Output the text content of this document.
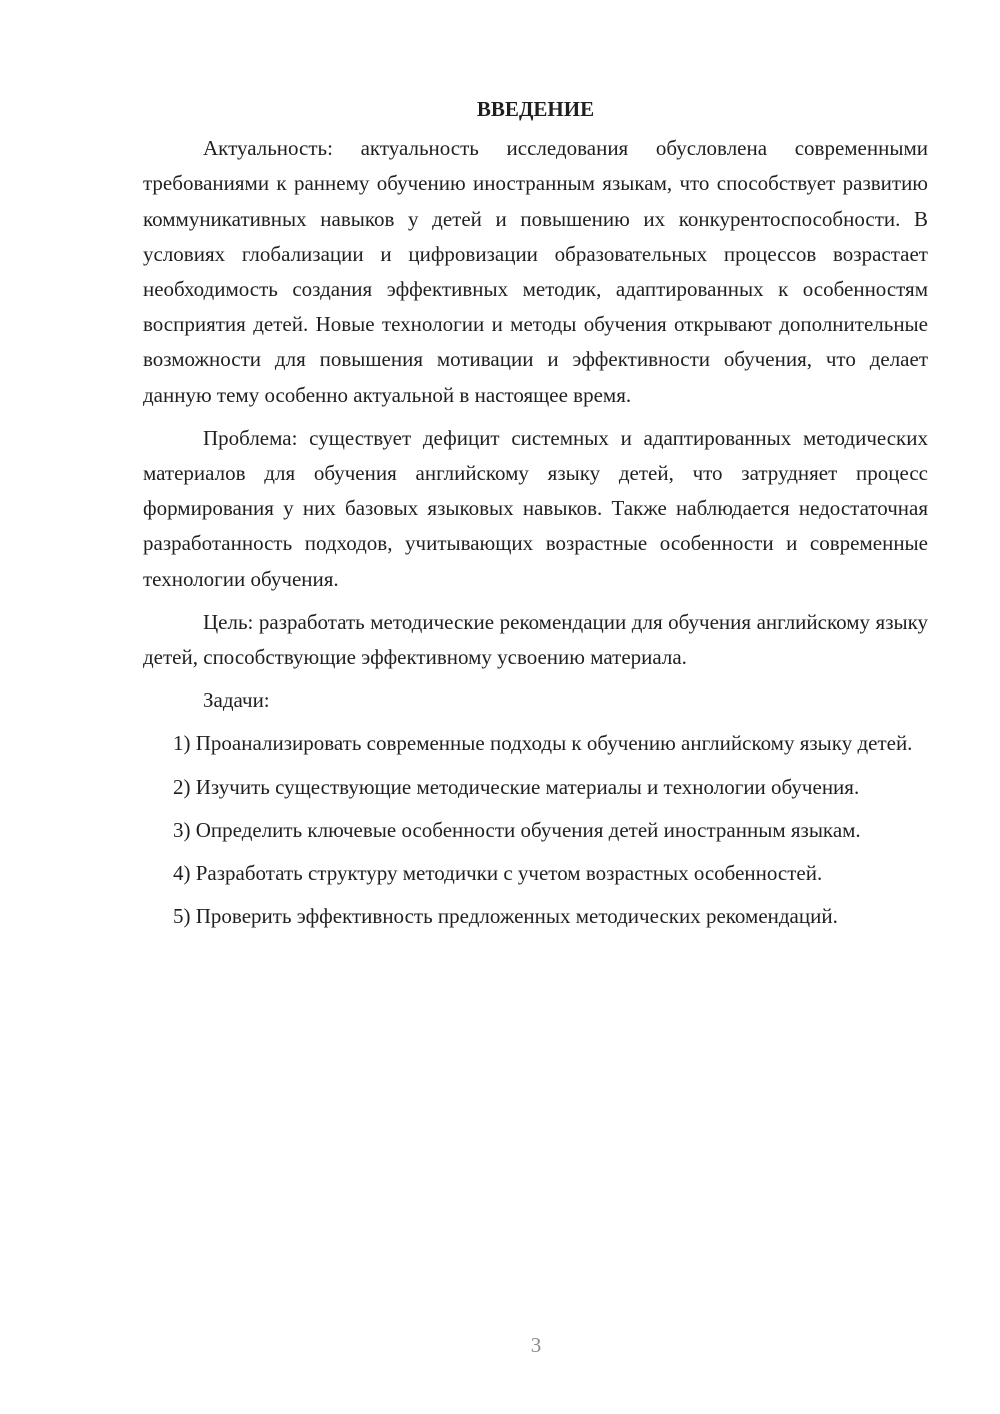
ВВЕДЕНИЕ

Актуальность: актуальность исследования обусловлена современными требованиями к раннему обучению иностранным языкам, что способствует развитию коммуникативных навыков у детей и повышению их конкурентоспособности. В условиях глобализации и цифровизации образовательных процессов возрастает необходимость создания эффективных методик, адаптированных к особенностям восприятия детей. Новые технологии и методы обучения открывают дополнительные возможности для повышения мотивации и эффективности обучения, что делает данную тему особенно актуальной в настоящее время.

Проблема: существует дефицит системных и адаптированных методических материалов для обучения английскому языку детей, что затрудняет процесс формирования у них базовых языковых навыков. Также наблюдается недостаточная разработанность подходов, учитывающих возрастные особенности и современные технологии обучения.

Цель: разработать методические рекомендации для обучения английскому языку детей, способствующие эффективному усвоению материала.

Задачи:

1) Проанализировать современные подходы к обучению английскому языку детей.

2) Изучить существующие методические материалы и технологии обучения.

3) Определить ключевые особенности обучения детей иностранным языкам.

4) Разработать структуру методички с учетом возрастных особенностей.

5) Проверить эффективность предложенных методических рекомендаций.

3
